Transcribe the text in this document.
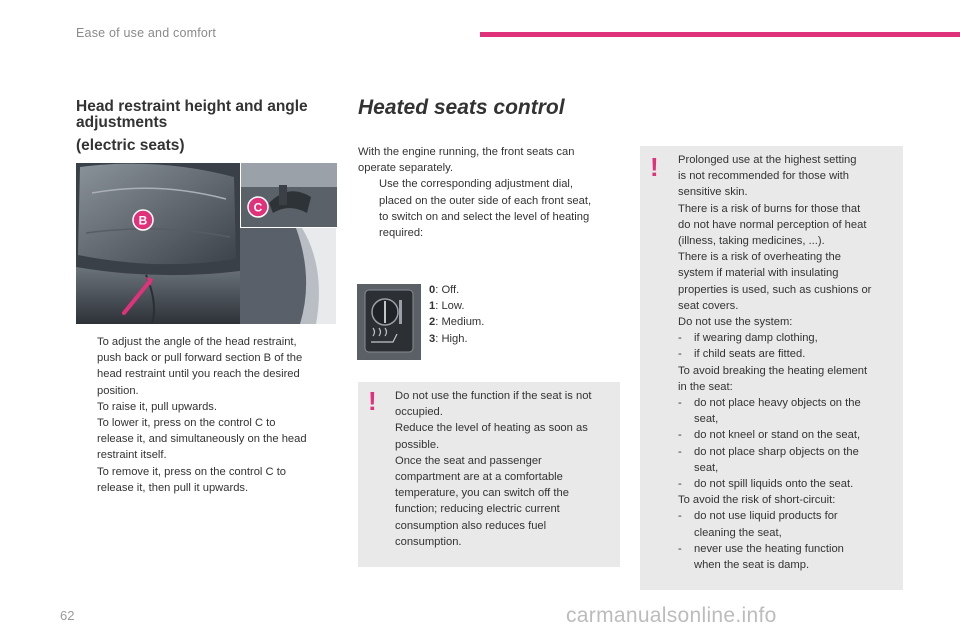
Ease of use and comfort
Head restraint height and angle
adjustments
(electric seats)
B
C
To adjust the angle of the head restraint,
push back or pull forward section B of the
head restraint until you reach the desired
position.
To raise it, pull upwards.
To lower it, press on the control C to
release it, and simultaneously on the head
restraint itself.
To remove it, press on the control C to
release it, then pull it upwards.
Heated seats control
With the engine running, the front seats can
operate separately.
Use the corresponding adjustment dial,
placed on the outer side of each front seat,
to switch on and select the level of heating
required:
0: Off.
1: Low.
2: Medium.
3: High.
! Do not use the function if the seat is not
occupied.
Reduce the level of heating as soon as
possible.
Once the seat and passenger
compartment are at a comfortable
temperature, you can switch off the
function; reducing electric current
consumption also reduces fuel
consumption.
! Prolonged use at the highest setting
is not recommended for those with
sensitive skin.
There is a risk of burns for those that
do not have normal perception of heat
(illness, taking medicines, ...).
There is a risk of overheating the
system if material with insulating
properties is used, such as cushions or
seat covers.
Do not use the system:
-	if wearing damp clothing,
-	if child seats are fitted.
To avoid breaking the heating element
in the seat:
-	do not place heavy objects on the
seat,
-	do not kneel or stand on the seat,
-	do not place sharp objects on the
seat,
-	do not spill liquids onto the seat.
To avoid the risk of short-circuit:
-	do not use liquid products for
cleaning the seat,
-	never use the heating function
when the seat is damp.
62	carmanualsonline.info
